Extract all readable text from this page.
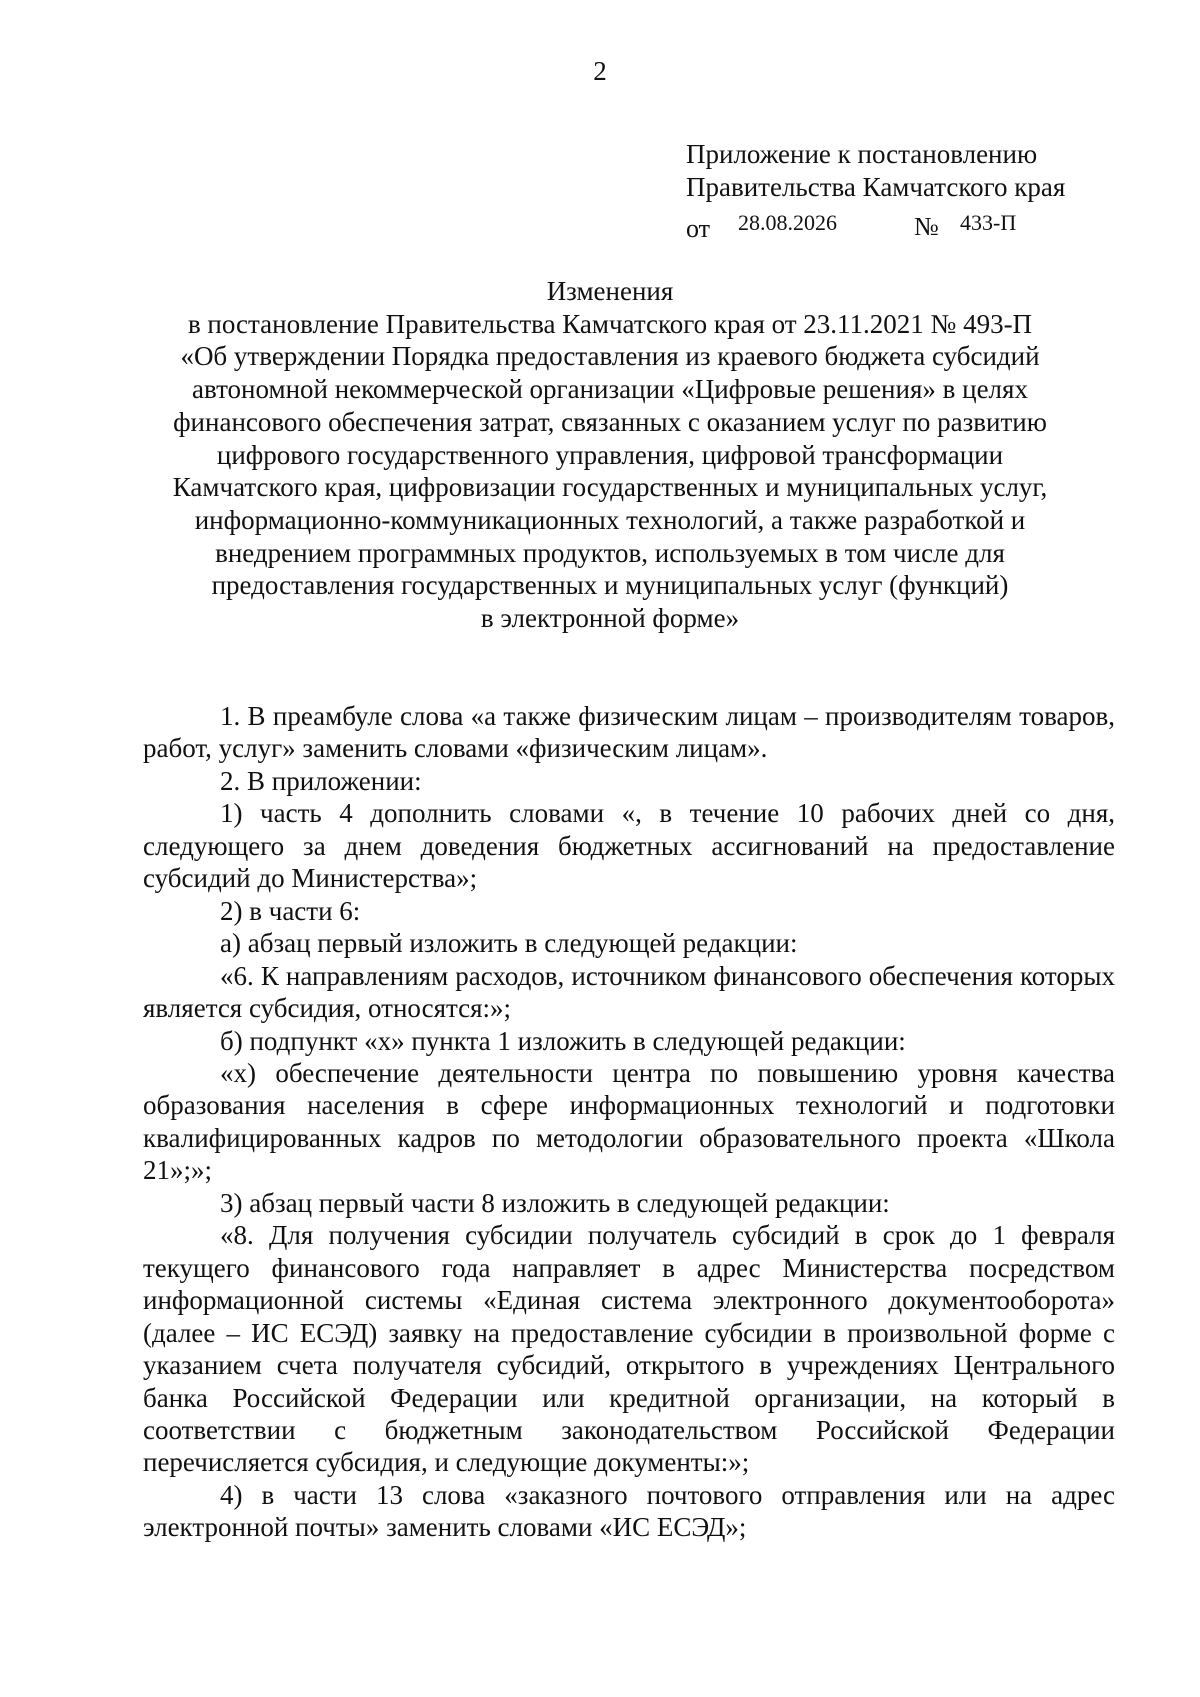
2
Приложение к постановлению
Правительства Камчатского края
от 28.08.2026	№ 433-П
Изменения
в постановление Правительства Камчатского края от 23.11.2021 № 493-П
«Об утверждении Порядка предоставления из краевого бюджета субсидий
автономной некоммерческой организации «Цифровые решения» в целях
финансового обеспечения затрат, связанных с оказанием услуг по развитию
цифрового государственного управления, цифровой трансформации
Камчатского края, цифровизации государственных и муниципальных услуг,
информационно-коммуникационных технологий, а также разработкой и
внедрением программных продуктов, используемых в том числе для
предоставления государственных и муниципальных услуг (функций)
в электронной форме»

1. В преамбуле слова «а также физическим лицам – производителям товаров, работ, услуг» заменить словами «физическим лицам».

2. В приложении:

1) часть 4 дополнить словами «, в течение 10 рабочих дней со дня, следующего за днем доведения бюджетных ассигнований на предоставление субсидий до Министерства»;

2) в части 6:

а) абзац первый изложить в следующей редакции:

«6. К направлениям расходов, источником финансового обеспечения которых является субсидия, относятся:»;

б) подпункт «х» пункта 1 изложить в следующей редакции:

«х) обеспечение деятельности центра по повышению уровня качества образования населения в сфере информационных технологий и подготовки квалифицированных кадров по методологии образовательного проекта «Школа 21»;»;

3) абзац первый части 8 изложить в следующей редакции:

«8. Для получения субсидии получатель субсидий в срок до 1 февраля текущего финансового года направляет в адрес Министерства посредством информационной системы «Единая система электронного документооборота» (далее – ИС ЕСЭД) заявку на предоставление субсидии в произвольной форме с указанием счета получателя субсидий, открытого в учреждениях Центрального банка Российской Федерации или кредитной организации, на который в соответствии с бюджетным законодательством Российской Федерации перечисляется субсидия, и следующие документы:»;

4) в части 13 слова «заказного почтового отправления или на адрес электронной почты» заменить словами «ИС ЕСЭД»;
